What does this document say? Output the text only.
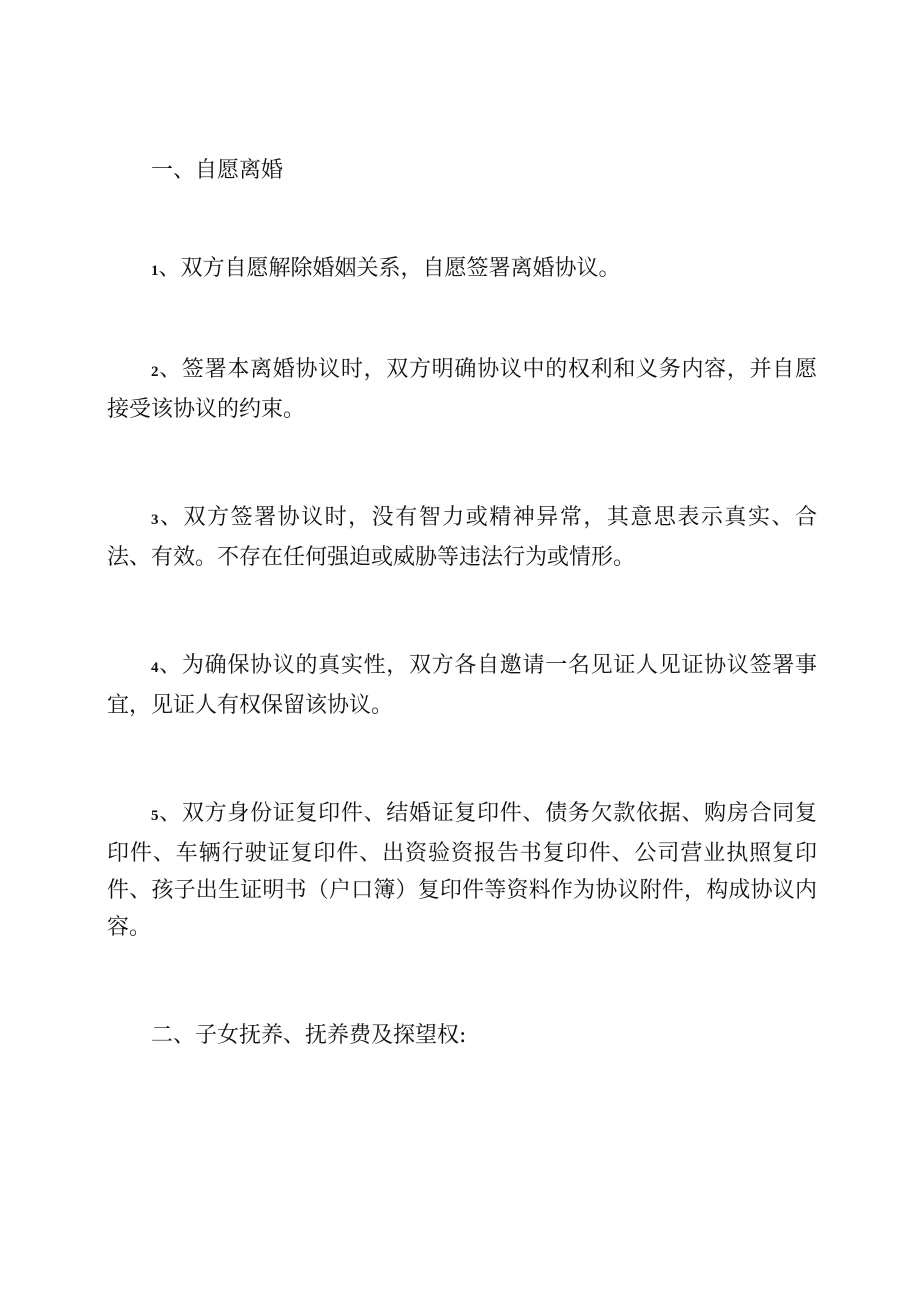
一、自愿离婚

1、双方自愿解除婚姻关系，自愿签署离婚协议。

2、签署本离婚协议时，双方明确协议中的权利和义务内容，并自愿接受该协议的约束。

3、双方签署协议时，没有智力或精神异常，其意思表示真实、合法、有效。不存在任何强迫或威胁等违法行为或情形。

4、为确保协议的真实性，双方各自邀请一名见证人见证协议签署事宜，见证人有权保留该协议。

5、双方身份证复印件、结婚证复印件、债务欠款依据、购房合同复印件、车辆行驶证复印件、出资验资报告书复印件、公司营业执照复印件、孩子出生证明书（户口簿）复印件等资料作为协议附件，构成协议内容。

二、子女抚养、抚养费及探望权:
